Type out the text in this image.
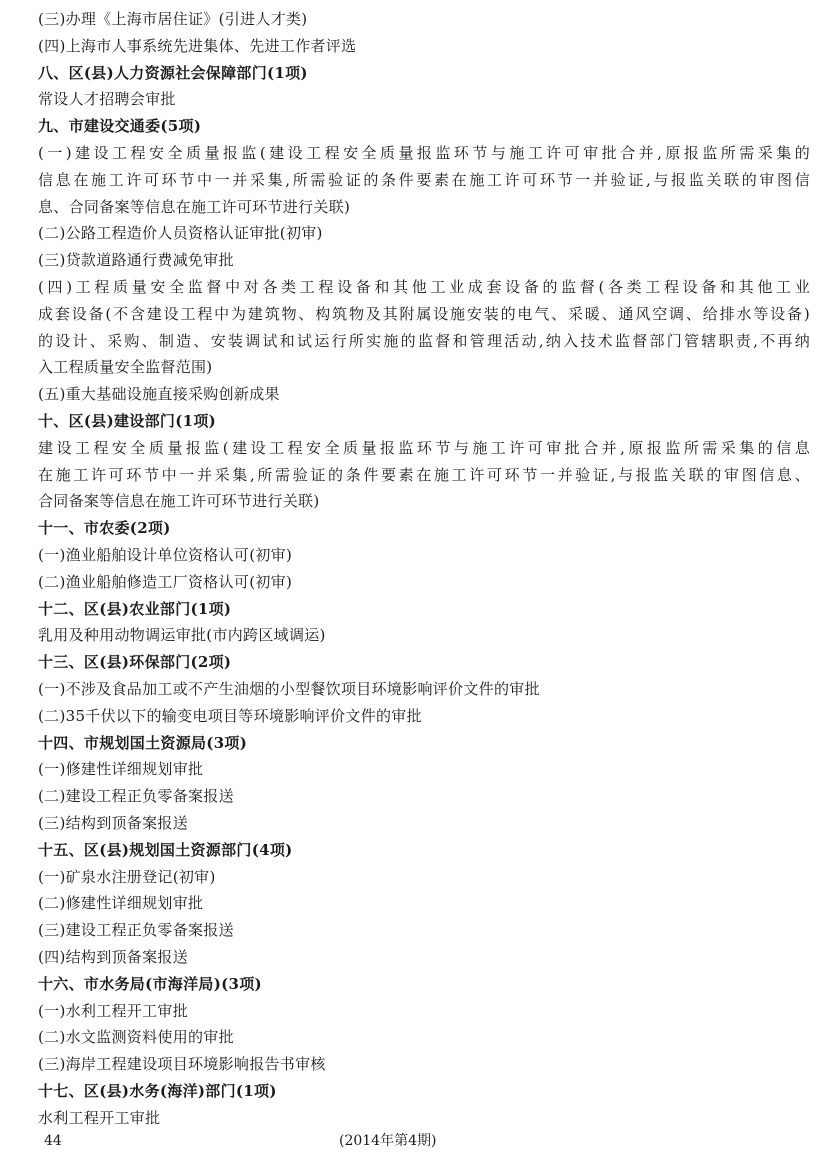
(三)办理《上海市居住证》(引进人才类)
(四)上海市人事系统先进集体、先进工作者评选
八、区(县)人力资源社会保障部门(1项)
常设人才招聘会审批
九、市建设交通委(5项)
(一)建设工程安全质量报监(建设工程安全质量报监环节与施工许可审批合并,原报监所需采集的
信息在施工许可环节中一并采集,所需验证的条件要素在施工许可环节一并验证,与报监关联的审图信
息、合同备案等信息在施工许可环节进行关联)
(二)公路工程造价人员资格认证审批(初审)
(三)贷款道路通行费减免审批
(四)工程质量安全监督中对各类工程设备和其他工业成套设备的监督(各类工程设备和其他工业
成套设备(不含建设工程中为建筑物、构筑物及其附属设施安装的电气、采暖、通风空调、给排水等设备)
的设计、采购、制造、安装调试和试运行所实施的监督和管理活动,纳入技术监督部门管辖职责,不再纳
入工程质量安全监督范围)
(五)重大基础设施直接采购创新成果
十、区(县)建设部门(1项)
建设工程安全质量报监(建设工程安全质量报监环节与施工许可审批合并,原报监所需采集的信息
在施工许可环节中一并采集,所需验证的条件要素在施工许可环节一并验证,与报监关联的审图信息、
合同备案等信息在施工许可环节进行关联)
十一、市农委(2项)
(一)渔业船舶设计单位资格认可(初审)
(二)渔业船舶修造工厂资格认可(初审)
十二、区(县)农业部门(1项)
乳用及种用动物调运审批(市内跨区域调运)
十三、区(县)环保部门(2项)
(一)不涉及食品加工或不产生油烟的小型餐饮项目环境影响评价文件的审批
(二)35千伏以下的输变电项目等环境影响评价文件的审批
十四、市规划国土资源局(3项)
(一)修建性详细规划审批
(二)建设工程正负零备案报送
(三)结构到顶备案报送
十五、区(县)规划国土资源部门(4项)
(一)矿泉水注册登记(初审)
(二)修建性详细规划审批
(三)建设工程正负零备案报送
(四)结构到顶备案报送
十六、市水务局(市海洋局)(3项)
(一)水利工程开工审批
(二)水文监测资料使用的审批
(三)海岸工程建设项目环境影响报告书审核
十七、区(县)水务(海洋)部门(1项)
水利工程开工审批
44	(2014年第4期)
